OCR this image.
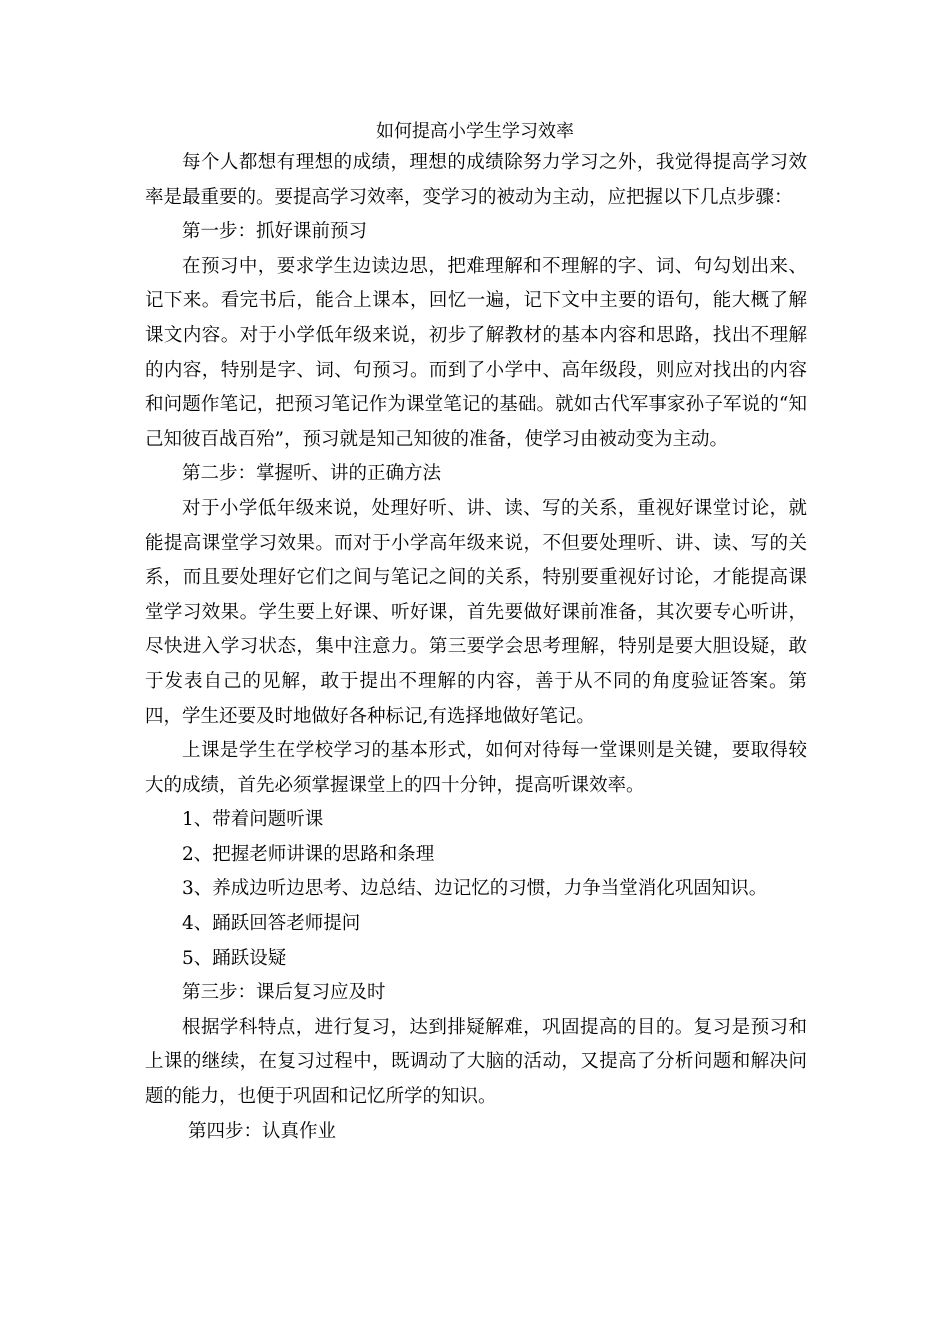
如何提高小学生学习效率

每个人都想有理想的成绩，理想的成绩除努力学习之外，我觉得提高学习效率是最重要的。要提高学习效率，变学习的被动为主动，应把握以下几点步骤：

第一步：抓好课前预习

在预习中，要求学生边读边思，把难理解和不理解的字、词、句勾划出来、记下来。看完书后，能合上课本，回忆一遍，记下文中主要的语句，能大概了解课文内容。对于小学低年级来说，初步了解教材的基本内容和思路，找出不理解的内容，特别是字、词、句预习。而到了小学中、高年级段，则应对找出的内容和问题作笔记，把预习笔记作为课堂笔记的基础。就如古代军事家孙子军说的“知己知彼百战百殆”，预习就是知己知彼的准备，使学习由被动变为主动。

第二步：掌握听、讲的正确方法

对于小学低年级来说，处理好听、讲、读、写的关系，重视好课堂讨论，就能提高课堂学习效果。而对于小学高年级来说，不但要处理听、讲、读、写的关系，而且要处理好它们之间与笔记之间的关系，特别要重视好讨论，才能提高课堂学习效果。学生要上好课、听好课，首先要做好课前准备，其次要专心听讲，尽快进入学习状态，集中注意力。第三要学会思考理解，特别是要大胆设疑，敢于发表自己的见解，敢于提出不理解的内容，善于从不同的角度验证答案。第四，学生还要及时地做好各种标记,有选择地做好笔记。

上课是学生在学校学习的基本形式，如何对待每一堂课则是关键，要取得较大的成绩，首先必须掌握课堂上的四十分钟，提高听课效率。

1、带着问题听课

2、把握老师讲课的思路和条理

3、养成边听边思考、边总结、边记忆的习惯，力争当堂消化巩固知识。

4、踊跃回答老师提问

5、踊跃设疑

第三步：课后复习应及时

根据学科特点，进行复习，达到排疑解难，巩固提高的目的。复习是预习和上课的继续，在复习过程中，既调动了大脑的活动，又提高了分析问题和解决问题的能力，也便于巩固和记忆所学的知识。

第四步：认真作业
